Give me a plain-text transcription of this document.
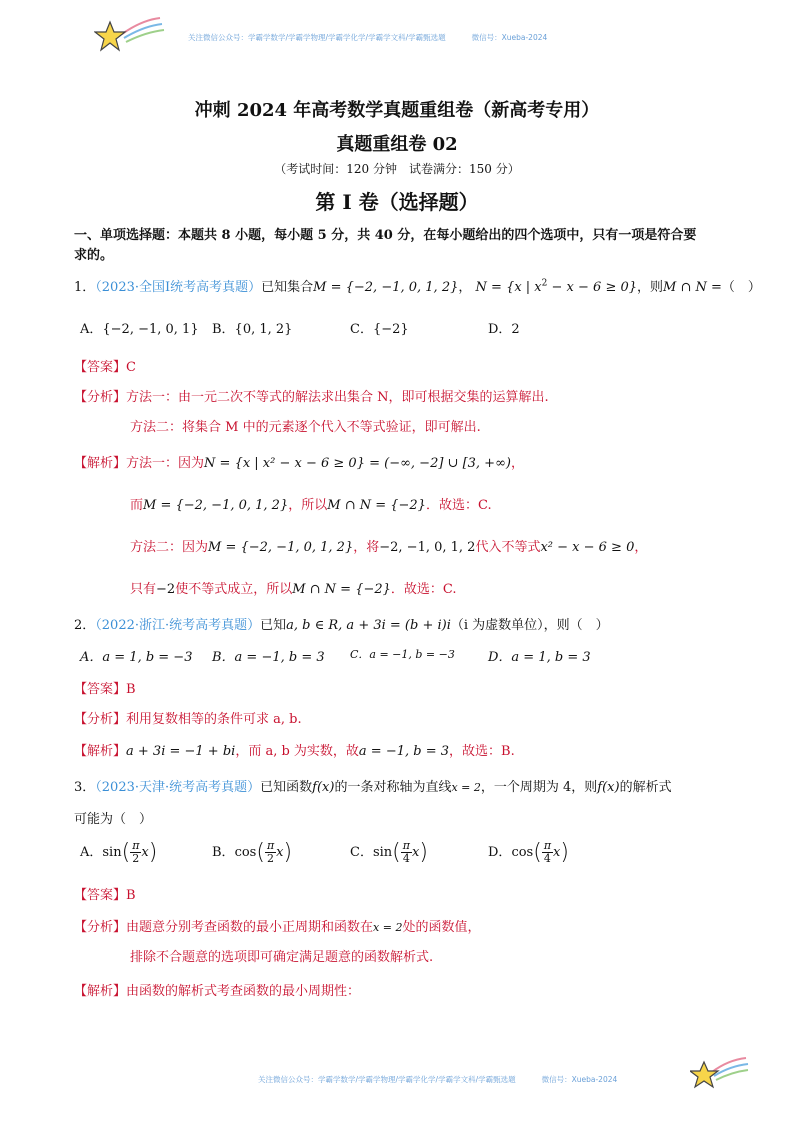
关注微信公众号：学霸学数学/学霸学物理/学霸学化学/学霸学文科/学霸甄选题	微信号：Xueba-2024
冲刺 2024 年高考数学真题重组卷（新高考专用）
真题重组卷 02
（考试时间：120 分钟　试卷满分：150 分）
第 I 卷（选择题）
一、单项选择题：本题共 8 小题，每小题 5 分，共 40 分，在每小题给出的四个选项中，只有一项是符合要
求的。
1．（2023·全国Ⅰ统考高考真题）已知集合M = {−2, −1, 0, 1, 2}， N = {x | $x^2 - x - 6 \ge 0$}，则M ∩ N =（　）
A．{−2, −1, 0, 1} B．{0, 1, 2}	C．{−2}	D．2
【答案】C
【分析】方法一：由一元二次不等式的解法求出集合 N，即可根据交集的运算解出.
方法二：将集合 M 中的元素逐个代入不等式验证，即可解出.
【解析】方法一：因为N = {x | x² − x − 6 ≥ 0} = (−∞, −2] ∪ [3, +∞)，
而M = {−2, −1, 0, 1, 2}，所以M ∩ N = {−2}．故选：C.
方法二：因为M = {−2, −1, 0, 1, 2}，将−2, −1, 0, 1, 2代入不等式x² − x − 6 ≥ 0，
只有−2使不等式成立，所以M ∩ N = {−2}．故选：C.
2．（2022·浙江·统考高考真题）已知a, b ∈ R, a + 3i = (b + i)i（i 为虚数单位），则（　）
A．a = 1, b = −3 B．a = −1, b = 3 C．a = −1, b = −3	D．a = 1, b = 3
【答案】B
【分析】利用复数相等的条件可求 a, b.
【解析】a + 3i = −1 + bi，而 a, b 为实数，故a = −1, b = 3，故选：B.
3．（2023·天津·统考高考真题）已知函数f(x)的一条对称轴为直线x = 2，一个周期为 4，则f(x)的解析式
可能为（　）
A．$\sin( \frac{\pi}{2} x)$	B．$\cos( \frac{\pi}{2} x)$	C．$\sin( \frac{\pi}{4} x)$	D．$\cos( \frac{\pi}{4} x)$
【答案】B
【分析】由题意分别考查函数的最小正周期和函数在x = 2处的函数值，
排除不合题意的选项即可确定满足题意的函数解析式.
【解析】由函数的解析式考查函数的最小周期性：
关注微信公众号：学霸学数学/学霸学物理/学霸学化学/学霸学文科/学霸甄选题	微信号：Xueba-2024
